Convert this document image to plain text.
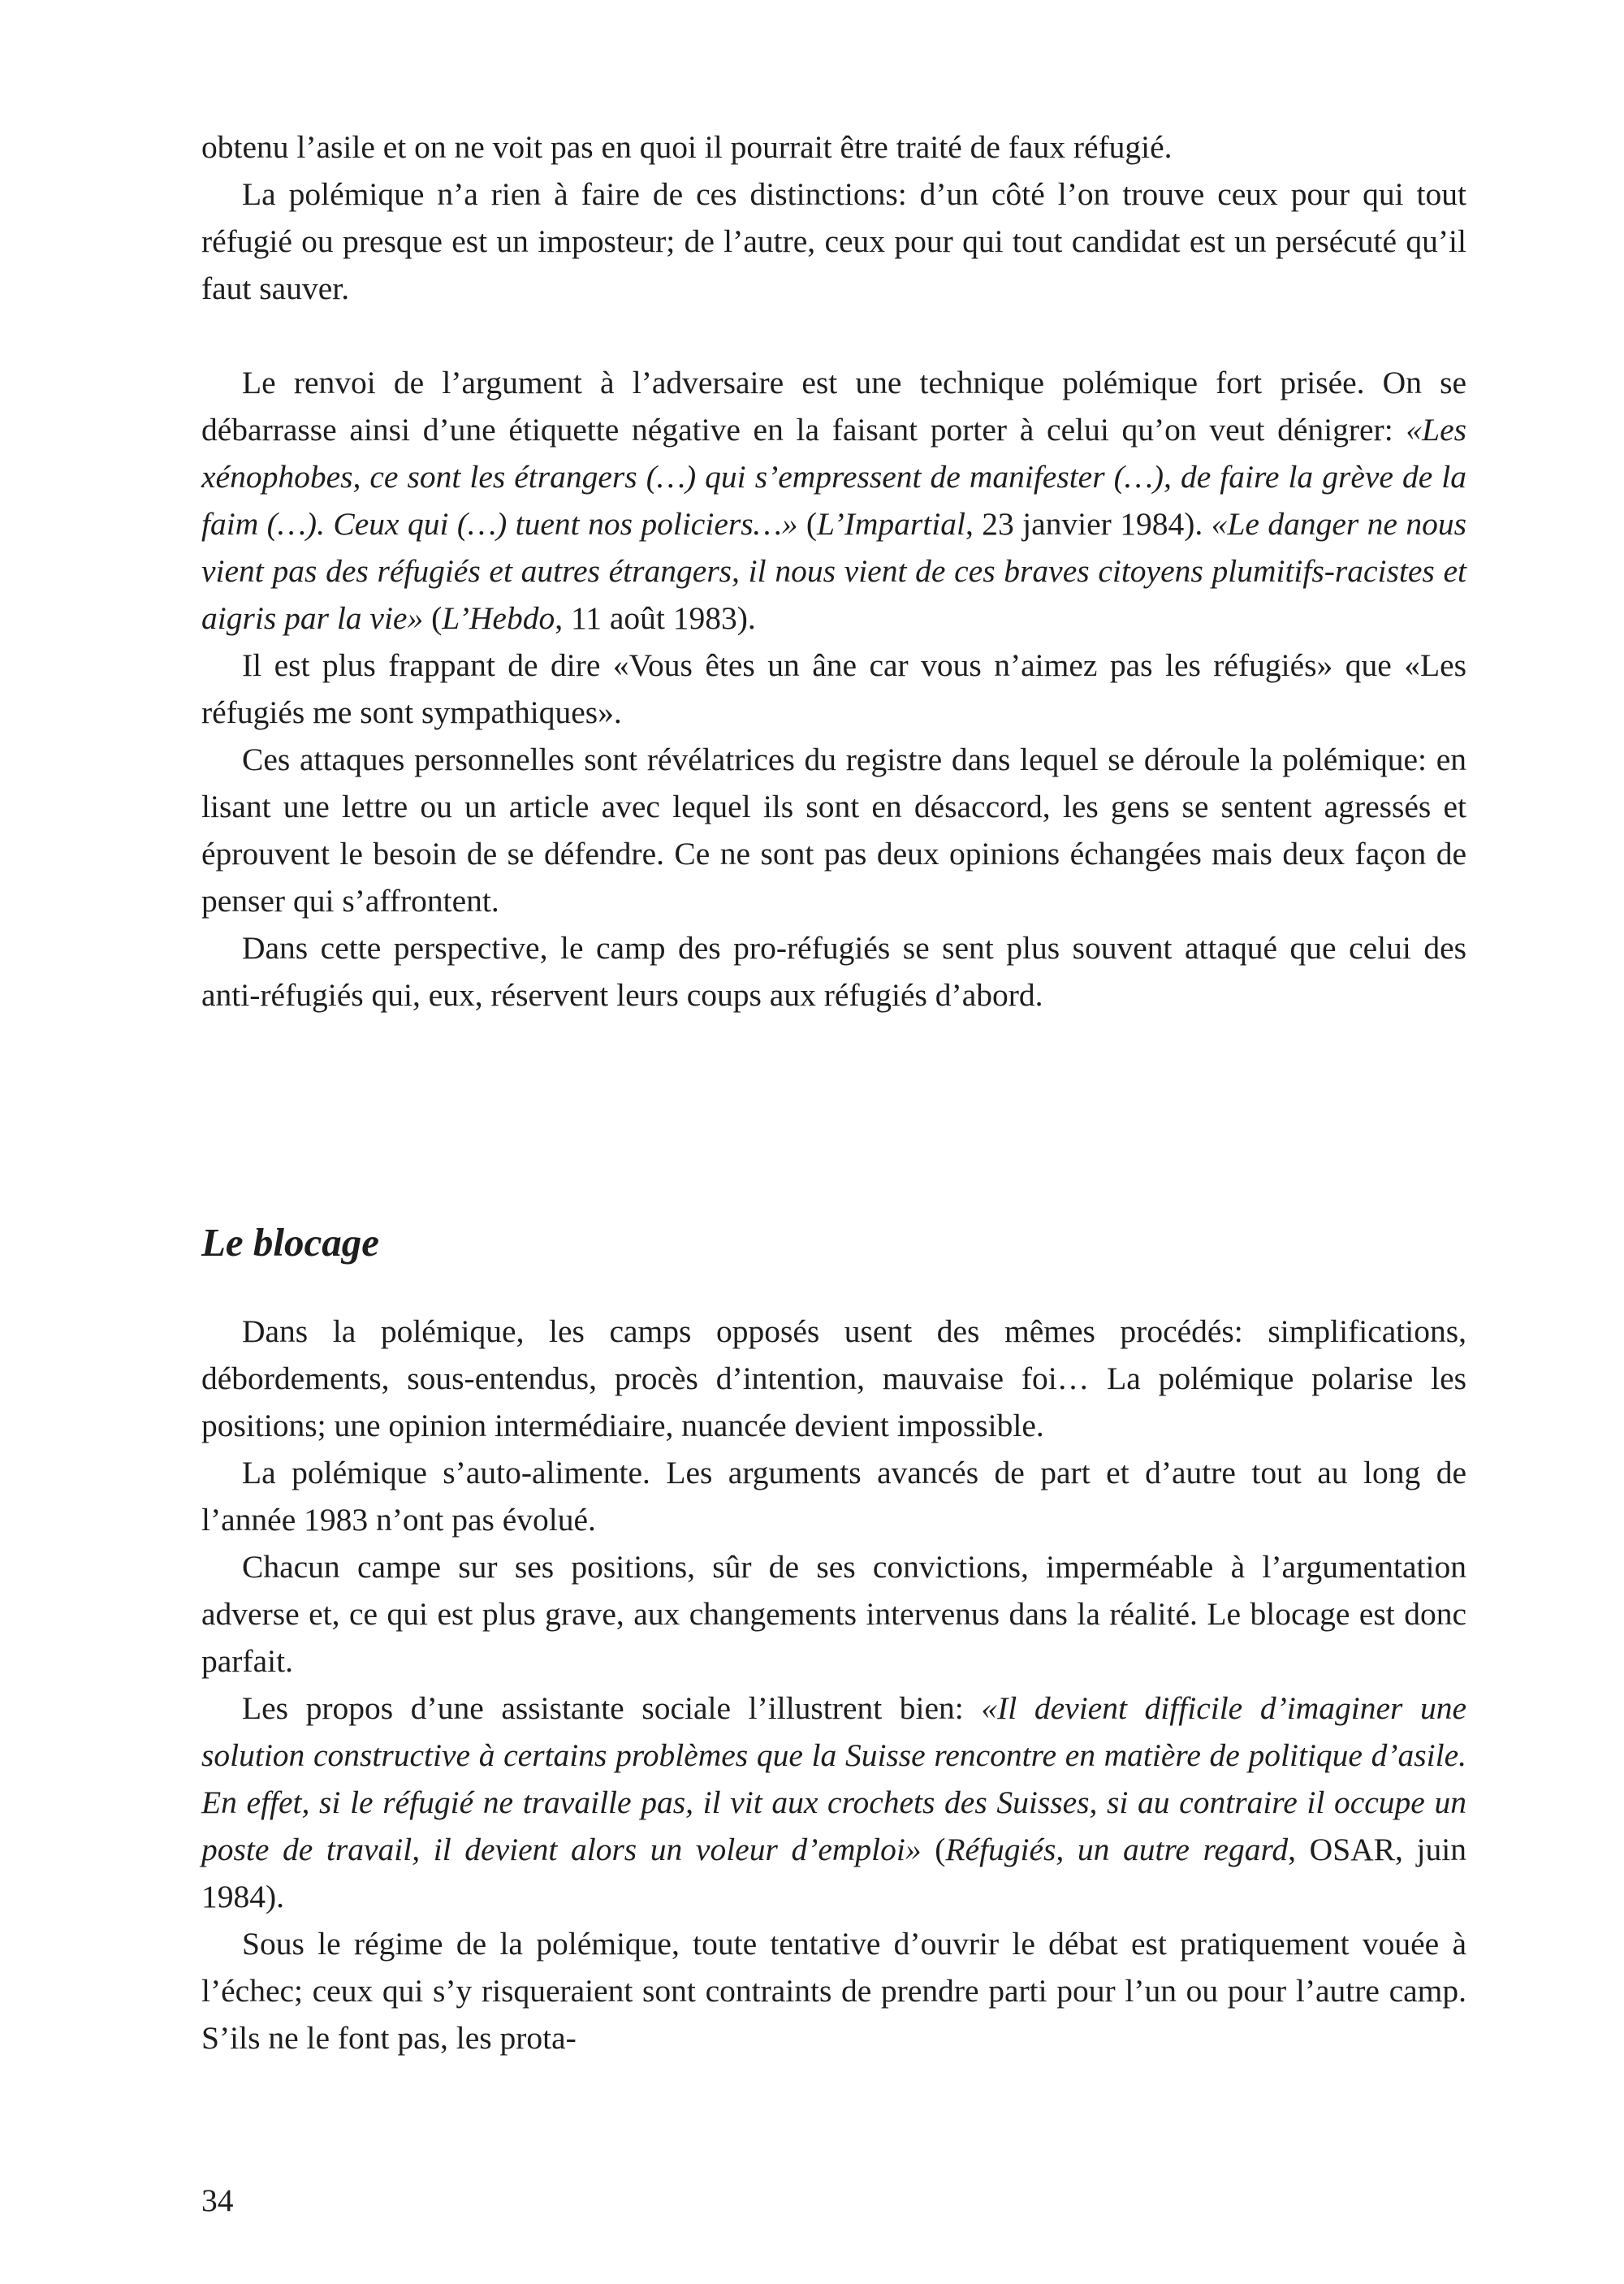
obtenu l’asile et on ne voit pas en quoi il pourrait être traité de faux réfugié.

La polémique n’a rien à faire de ces distinctions: d’un côté l’on trouve ceux pour qui tout réfugié ou presque est un imposteur; de l’autre, ceux pour qui tout candidat est un persécuté qu’il faut sauver.

Le renvoi de l’argument à l’adversaire est une technique polémique fort prisée. On se débarrasse ainsi d’une étiquette négative en la faisant porter à celui qu’on veut dénigrer: «Les xénophobes, ce sont les étrangers (…) qui s’empressent de manifester (…), de faire la grève de la faim (…). Ceux qui (…) tuent nos policiers…» (L’Impartial, 23 janvier 1984). «Le danger ne nous vient pas des réfugiés et autres étrangers, il nous vient de ces braves citoyens plumitifs-racistes et aigris par la vie» (L’Hebdo, 11 août 1983).

Il est plus frappant de dire «Vous êtes un âne car vous n’aimez pas les réfugiés» que «Les réfugiés me sont sympathiques».

Ces attaques personnelles sont révélatrices du registre dans lequel se déroule la polémique: en lisant une lettre ou un article avec lequel ils sont en désaccord, les gens se sentent agressés et éprouvent le besoin de se défendre. Ce ne sont pas deux opinions échangées mais deux façon de penser qui s’affrontent.

Dans cette perspective, le camp des pro-réfugiés se sent plus souvent attaqué que celui des anti-réfugiés qui, eux, réservent leurs coups aux réfugiés d’abord.

Le blocage

Dans la polémique, les camps opposés usent des mêmes procédés: simplifications, débordements, sous-entendus, procès d’intention, mauvaise foi… La polémique polarise les positions; une opinion intermédiaire, nuancée devient impossible.

La polémique s’auto-alimente. Les arguments avancés de part et d’autre tout au long de l’année 1983 n’ont pas évolué.

Chacun campe sur ses positions, sûr de ses convictions, imperméable à l’argumentation adverse et, ce qui est plus grave, aux changements intervenus dans la réalité. Le blocage est donc parfait.

Les propos d’une assistante sociale l’illustrent bien: «Il devient difficile d’imaginer une solution constructive à certains problèmes que la Suisse rencontre en matière de politique d’asile. En effet, si le réfugié ne travaille pas, il vit aux crochets des Suisses, si au contraire il occupe un poste de travail, il devient alors un voleur d’emploi» (Réfugiés, un autre regard, OSAR, juin 1984).

Sous le régime de la polémique, toute tentative d’ouvrir le débat est pratiquement vouée à l’échec; ceux qui s’y risqueraient sont contraints de prendre parti pour l’un ou pour l’autre camp. S’ils ne le font pas, les prota-

34
